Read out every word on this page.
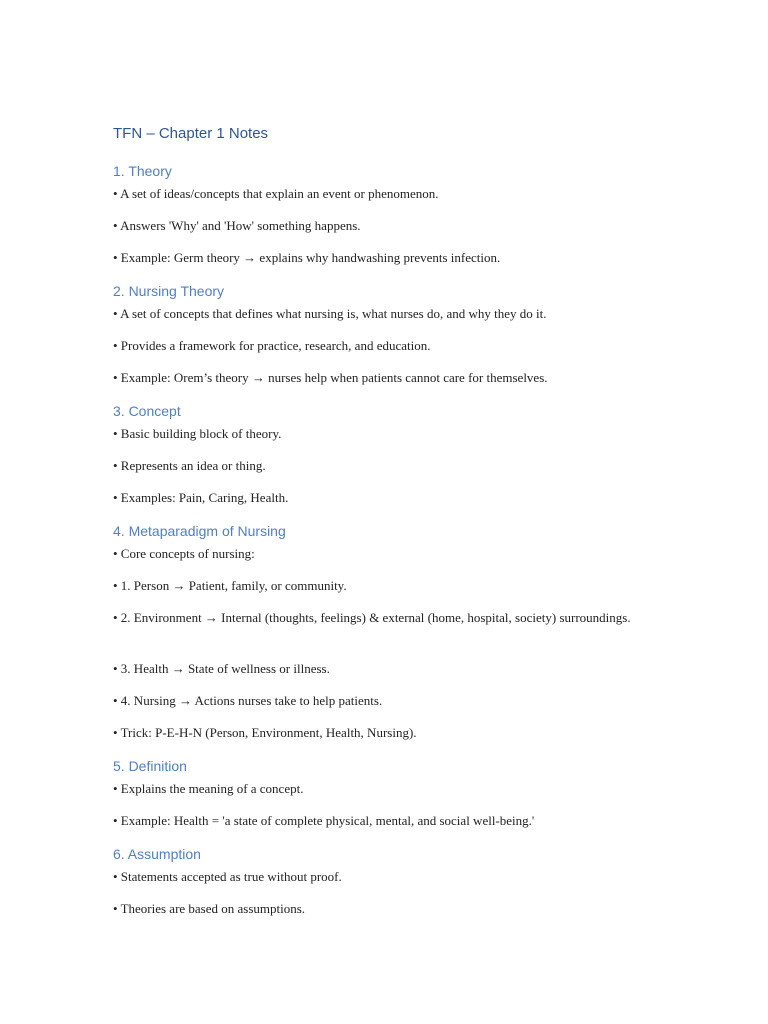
TFN – Chapter 1 Notes
1. Theory

• A set of ideas/concepts that explain an event or phenomenon.

• Answers 'Why' and 'How' something happens.

• Example: Germ theory → explains why handwashing prevents infection.

2. Nursing Theory

• A set of concepts that defines what nursing is, what nurses do, and why they do it.

• Provides a framework for practice, research, and education.

• Example: Orem’s theory → nurses help when patients cannot care for themselves.

3. Concept

• Basic building block of theory.

• Represents an idea or thing.

• Examples: Pain, Caring, Health.

4. Metaparadigm of Nursing

• Core concepts of nursing:

• 1. Person → Patient, family, or community.

• 2. Environment → Internal (thoughts, feelings) & external (home, hospital, society) surroundings.

• 3. Health → State of wellness or illness.

• 4. Nursing → Actions nurses take to help patients.

• Trick: P-E-H-N (Person, Environment, Health, Nursing).

5. Definition

• Explains the meaning of a concept.

• Example: Health = 'a state of complete physical, mental, and social well-being.'

6. Assumption

• Statements accepted as true without proof.

• Theories are based on assumptions.
